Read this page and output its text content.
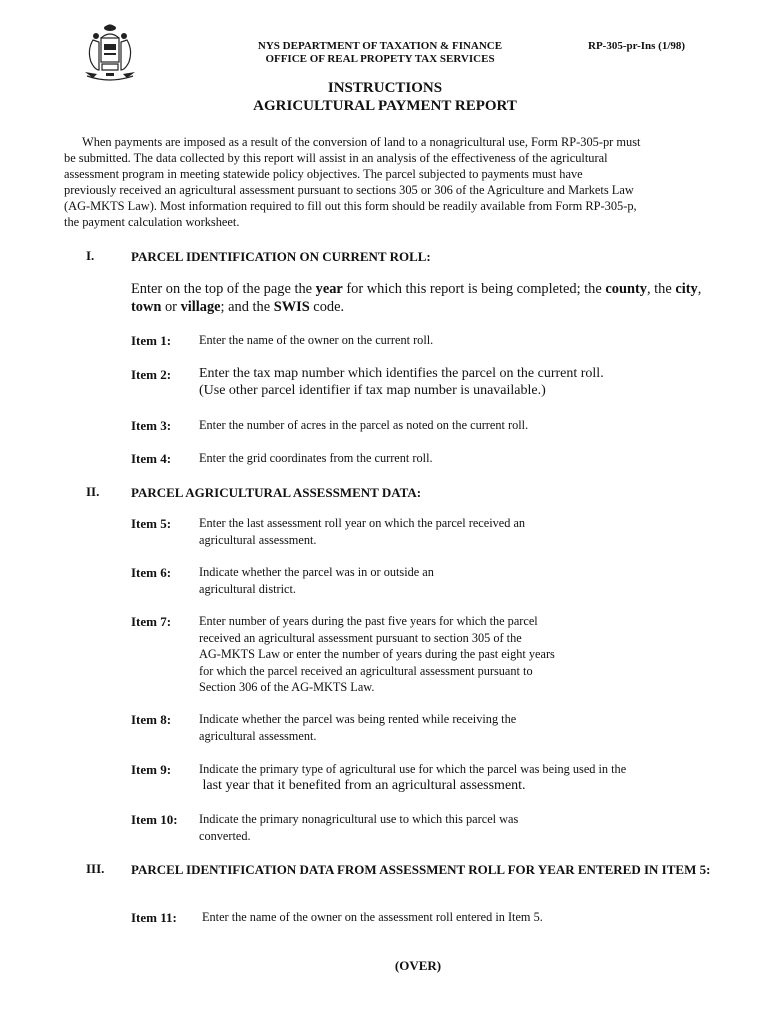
NYS DEPARTMENT OF TAXATION & FINANCE
OFFICE OF REAL PROPETY TAX SERVICES
RP-305-pr-Ins (1/98)
INSTRUCTIONS
AGRICULTURAL PAYMENT REPORT
When payments are imposed as a result of the conversion of land to a nonagricultural use, Form RP-305-pr must
be submitted. The data collected by this report will assist in an analysis of the effectiveness of the agricultural
assessment program in meeting statewide policy objectives. The parcel subjected to payments must have
previously received an agricultural assessment pursuant to sections 305 or 306 of the Agriculture and Markets Law
(AG-MKTS Law). Most information required to fill out this form should be readily available from Form RP-305-p,
the payment calculation worksheet.
I.	PARCEL IDENTIFICATION ON CURRENT ROLL:
Enter on the top of the page the year for which this report is being completed; the county, the city, town or village; and the SWIS code.
Item 1: Enter the name of the owner on the current roll.
Item 2: Enter the tax map number which identifies the parcel on the current roll.
(Use other parcel identifier if tax map number is unavailable.)
Item 3: Enter the number of acres in the parcel as noted on the current roll.
Item 4: Enter the grid coordinates from the current roll.
II. PARCEL AGRICULTURAL ASSESSMENT DATA:
Item 5: Enter the last assessment roll year on which the parcel received an
agricultural assessment.
Item 6: Indicate whether the parcel was in or outside an
agricultural district.
Item 7: Enter number of years during the past five years for which the parcel
received an agricultural assessment pursuant to section 305 of the
AG-MKTS Law or enter the number of years during the past eight years
for which the parcel received an agricultural assessment pursuant to
Section 306 of the AG-MKTS Law.
Item 8: Indicate whether the parcel was being rented while receiving the
agricultural assessment.
Item 9: Indicate the primary type of agricultural use for which the parcel was being used in the
last year that it benefited from an agricultural assessment.
Item 10: Indicate the primary nonagricultural use to which this parcel was
converted.
III. PARCEL IDENTIFICATION DATA FROM ASSESSMENT ROLL FOR YEAR ENTERED IN ITEM 5:
Item 11: Enter the name of the owner on the assessment roll entered in Item 5.
(OVER)
